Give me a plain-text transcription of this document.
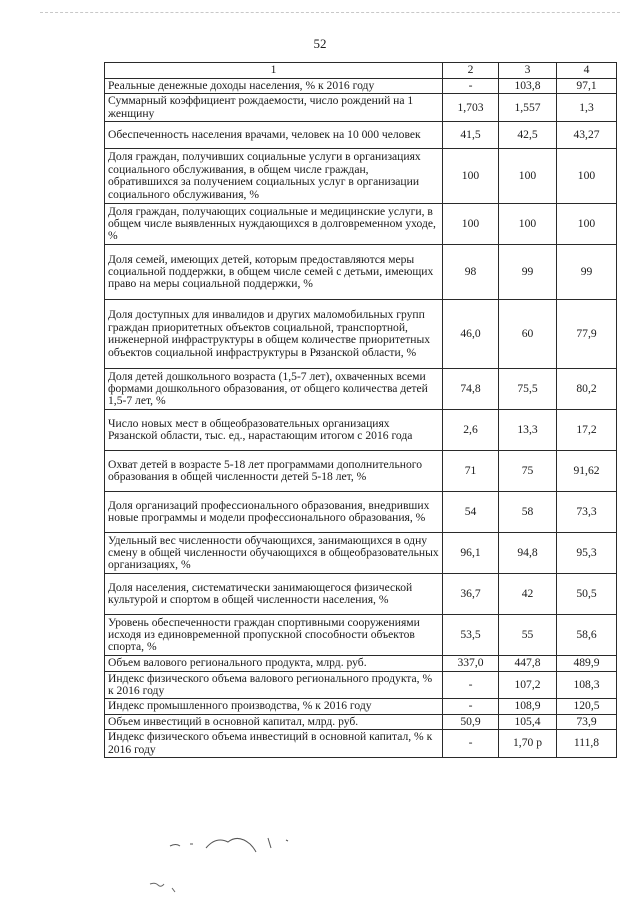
52
1	2	3	4
Реальные денежные доходы населения, % к 2016 году	-	103,8	97,1
Суммарный коэффициент рождаемости, число рождений на 1 женщину	1,703	1,557	1,3
Обеспеченность населения врачами, человек на 10 000 человек	41,5	42,5	43,27
Доля граждан, получивших социальные услуги в организациях социального обслуживания, в общем числе граждан, обратившихся за получением социальных услуг в организации социального обслуживания, %	100	100	100
Доля граждан, получающих социальные и медицинские услуги, в общем числе выявленных нуждающихся в долговременном уходе, %	100	100	100
Доля семей, имеющих детей, которым предоставляются меры социальной поддержки, в общем числе семей с детьми, имеющих право на меры социальной поддержки, %	98	99	99
Доля доступных для инвалидов и других маломобильных групп граждан приоритетных объектов социальной, транспортной, инженерной инфраструктуры в общем количестве приоритетных объектов социальной инфраструктуры в Рязанской области, %	46,0	60	77,9
Доля детей дошкольного возраста (1,5-7 лет), охваченных всеми формами дошкольного образования, от общего количества детей 1,5-7 лет, %	74,8	75,5	80,2
Число новых мест в общеобразовательных организациях Рязанской области, тыс. ед., нарастающим итогом с 2016 года	2,6	13,3	17,2
Охват детей в возрасте 5-18 лет программами дополнительного образования в общей численности детей 5-18 лет, %	71	75	91,62
Доля организаций профессионального образования, внедривших новые программы и модели профессионального образования, %	54	58	73,3
Удельный вес численности обучающихся, занимающихся в одну смену в общей численности обучающихся в общеобразовательных организациях, %	96,1	94,8	95,3
Доля населения, систематически занимающегося физической культурой и спортом в общей численности населения, %	36,7	42	50,5
Уровень обеспеченности граждан спортивными сооружениями исходя из единовременной пропускной способности объектов спорта, %	53,5	55	58,6
Объем валового регионального продукта, млрд. руб.	337,0	447,8	489,9
Индекс физического объема валового регионального продукта, % к 2016 году	-	107,2	108,3
Индекс промышленного производства, % к 2016 году	-	108,9	120,5
Объем инвестиций в основной капитал, млрд. руб.	50,9	105,4	73,9
Индекс физического объема инвестиций в основной капитал, % к 2016 году	-	1,70 р	111,8
